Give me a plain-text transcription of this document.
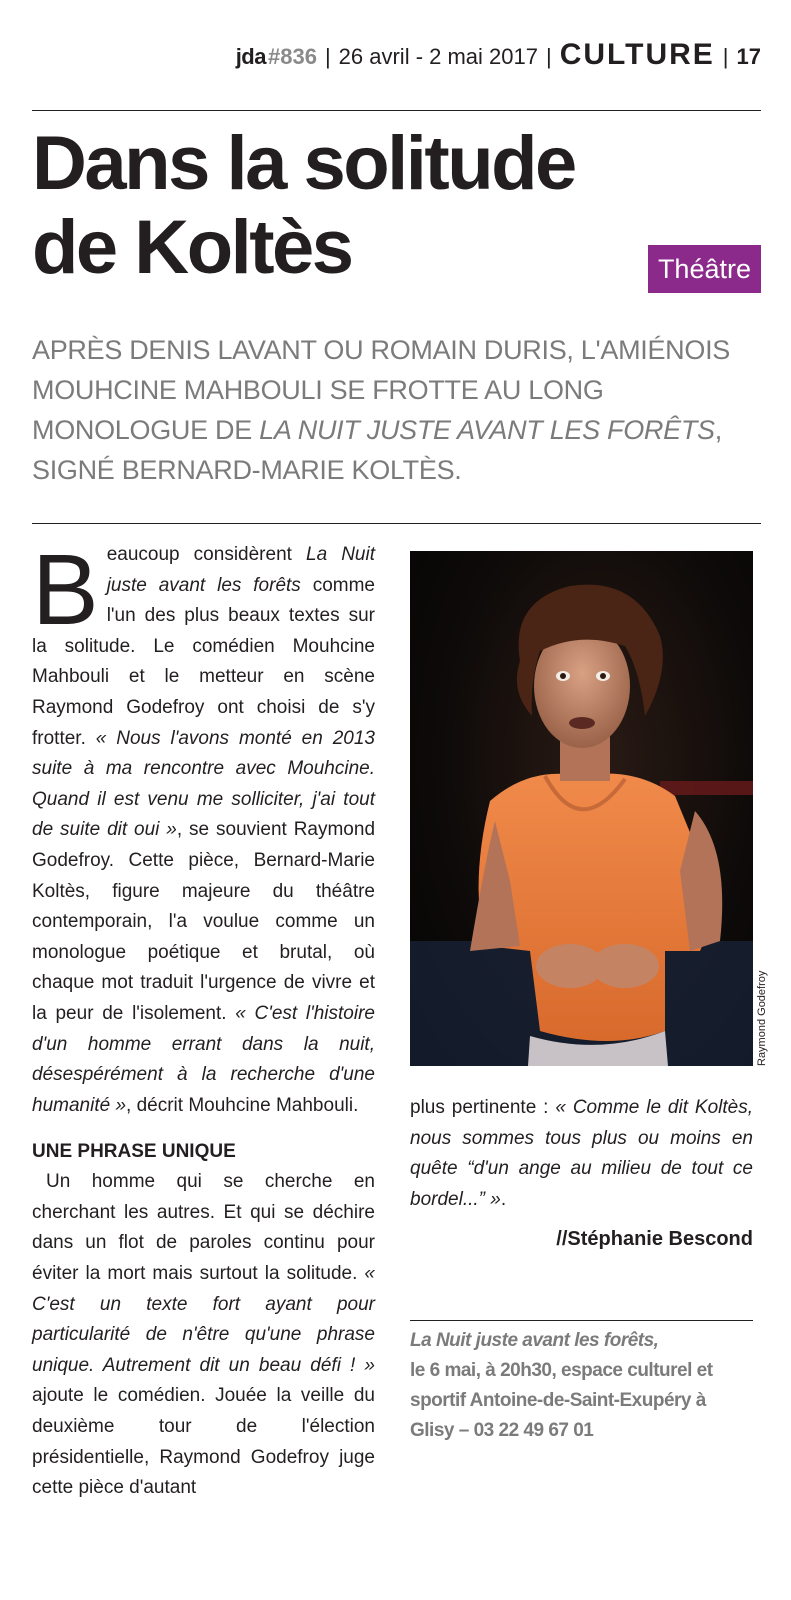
jda #836 | 26 avril - 2 mai 2017 | CULTURE | 17
Dans la solitude de Koltès	Théâtre

APRÈS DENIS LAVANT OU ROMAIN DURIS, L'AMIÉNOIS MOUHCINE MAHBOULI SE FROTTE AU LONG MONOLOGUE DE LA NUIT JUSTE AVANT LES FORÊTS, SIGNÉ BERNARD-MARIE KOLTÈS.

Beaucoup considèrent La Nuit juste avant les forêts comme l'un des plus beaux textes sur la solitude. Le comédien Mouhcine Mahbouli et le metteur en scène Raymond Godefroy ont choisi de s'y frotter. « Nous l'avons monté en 2013 suite à ma rencontre avec Mouhcine. Quand il est venu me solliciter, j'ai tout de suite dit oui », se souvient Raymond Godefroy. Cette pièce, Bernard-Marie Koltès, figure majeure du théâtre contemporain, l'a voulue comme un monologue poétique et brutal, où chaque mot traduit l'urgence de vivre et la peur de l'isolement. « C'est l'histoire d'un homme errant dans la nuit, désespérément à la recherche d'une humanité », décrit Mouhcine Mahbouli.

UNE PHRASE UNIQUE

Un homme qui se cherche en cherchant les autres. Et qui se déchire dans un flot de paroles continu pour éviter la mort mais surtout la solitude. « C'est un texte fort ayant pour particularité de n'être qu'une phrase unique. Autrement dit un beau défi ! » ajoute le comédien. Jouée la veille du deuxième tour de l'élection présidentielle, Raymond Godefroy juge cette pièce d'autant

Raymond Godefroy

plus pertinente : « Comme le dit Koltès, nous sommes tous plus ou moins en quête “d'un ange au milieu de tout ce bordel...” ».

//Stéphanie Bescond
La Nuit juste avant les forêts,
le 6 mai, à 20h30, espace culturel et sportif Antoine-de-Saint-Exupéry à Glisy – 03 22 49 67 01
